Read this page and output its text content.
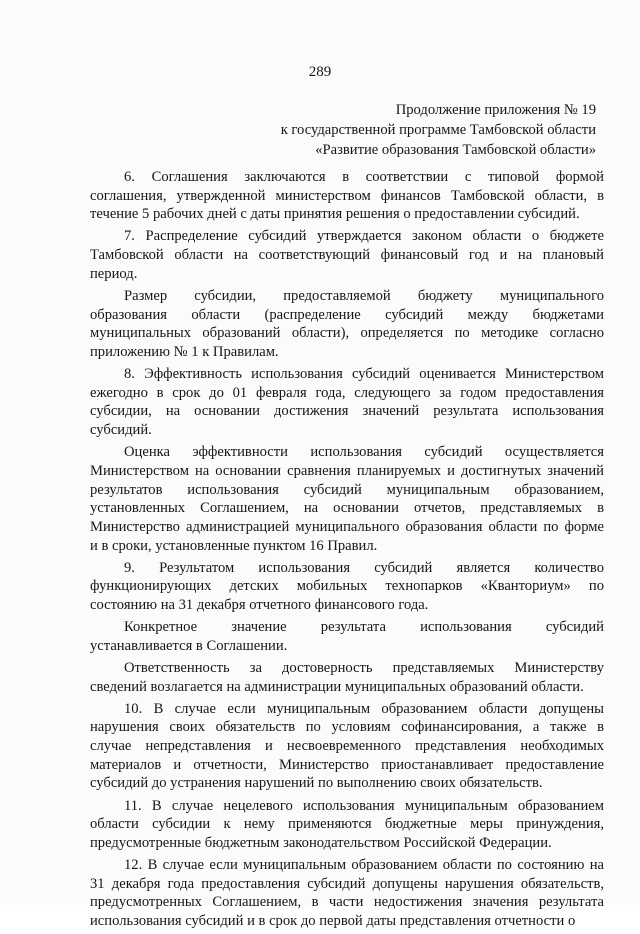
289
Продолжение приложения № 19
к государственной программе Тамбовской области
«Развитие образования Тамбовской области»
6. Соглашения заключаются в соответствии с типовой формой
соглашения, утвержденной министерством финансов Тамбовской области, в
течение 5 рабочих дней с даты принятия решения о предоставлении субсидий.
7. Распределение субсидий утверждается законом области о бюджете
Тамбовской области на соответствующий финансовый год и на плановый
период.
Размер субсидии, предоставляемой бюджету муниципального
образования области (распределение субсидий между бюджетами
муниципальных образований области), определяется по методике согласно
приложению № 1 к Правилам.
8. Эффективность использования субсидий оценивается Министерством
ежегодно в срок до 01 февраля года, следующего за годом предоставления
субсидии, на основании достижения значений результата использования
субсидий.
Оценка эффективности использования субсидий осуществляется
Министерством на основании сравнения планируемых и достигнутых значений
результатов использования субсидий муниципальным образованием,
установленных Соглашением, на основании отчетов, представляемых в
Министерство администрацией муниципального образования области по форме
и в сроки, установленные пунктом 16 Правил.
9. Результатом использования субсидий является количество
функционирующих детских мобильных технопарков «Кванториум» по
состоянию на 31 декабря отчетного финансового года.
Конкретное значение результата использования субсидий
устанавливается в Соглашении.
Ответственность за достоверность представляемых Министерству
сведений возлагается на администрации муниципальных образований области.
10. В случае если муниципальным образованием области допущены
нарушения своих обязательств по условиям софинансирования, а также в
случае непредставления и несвоевременного представления необходимых
материалов и отчетности, Министерство приостанавливает предоставление
субсидий до устранения нарушений по выполнению своих обязательств.
11. В случае нецелевого использования муниципальным образованием
области субсидии к нему применяются бюджетные меры принуждения,
предусмотренные бюджетным законодательством Российской Федерации.
12. В случае если муниципальным образованием области по состоянию на
31 декабря года предоставления субсидий допущены нарушения обязательств,
предусмотренных Соглашением, в части недостижения значения результата
использования субсидий и в срок до первой даты представления отчетности о
